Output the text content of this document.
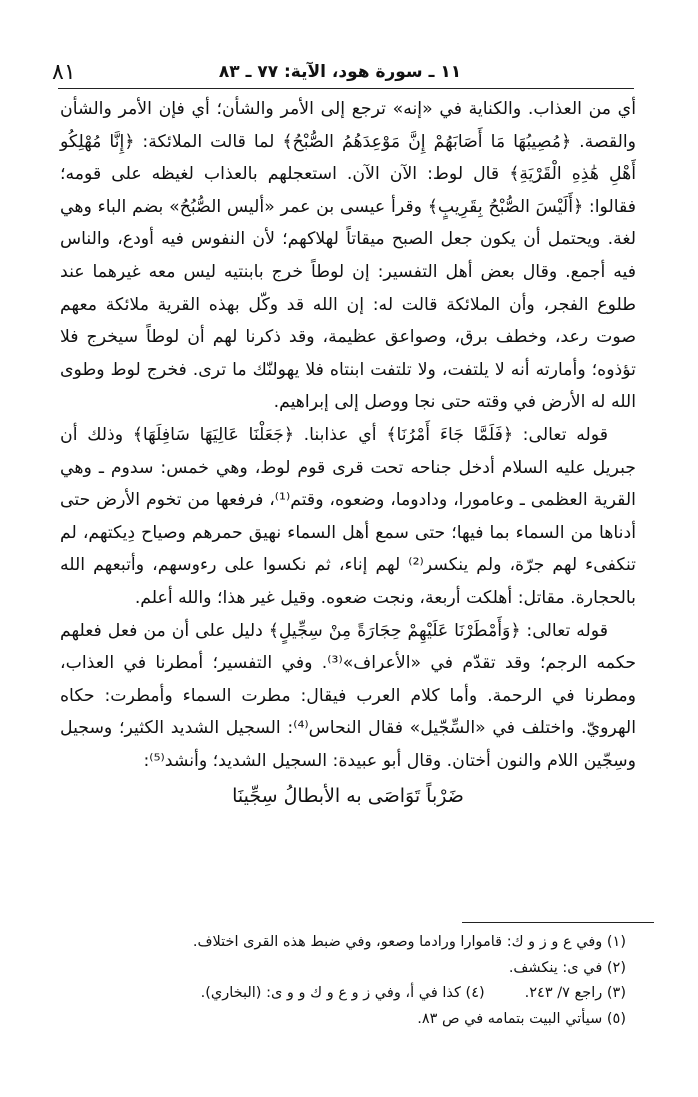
٨١	١١ ـ سورة هود، الآية: ٧٧ ـ ٨٣

أي من العذاب. والكناية في «إنه» ترجع إلى الأمر والشأن؛ أي فإن الأمر والشأن والقصة. ﴿مُصِيبُهَا مَا أَصَابَهُمْ إِنَّ مَوْعِدَهُمُ الصُّبْحُ﴾ لما قالت الملائكة: ﴿إِنَّا مُهْلِكُو أَهْلِ هَٰذِهِ الْقَرْيَةِ﴾ قال لوط: الآن الآن. استعجلهم بالعذاب لغيظه على قومه؛ فقالوا: ﴿أَلَيْسَ الصُّبْحُ بِقَرِيبٍ﴾ وقرأ عيسى بن عمر «أليس الصُّبُحُ» بضم الباء وهي لغة. ويحتمل أن يكون جعل الصبح ميقاتاً لهلاكهم؛ لأن النفوس فيه أودع، والناس فيه أجمع. وقال بعض أهل التفسير: إن لوطاً خرج بابنتيه ليس معه غيرهما عند طلوع الفجر، وأن الملائكة قالت له: إن الله قد وكّل بهذه القرية ملائكة معهم صوت رعد، وخطف برق، وصواعق عظيمة، وقد ذكرنا لهم أن لوطاً سيخرج فلا تؤذوه؛ وأمارته أنه لا يلتفت، ولا تلتفت ابنتاه فلا يهولنّك ما ترى. فخرج لوط وطوى الله له الأرض في وقته حتى نجا ووصل إلى إبراهيم.

قوله تعالى: ﴿فَلَمَّا جَاءَ أَمْرُنَا﴾ أي عذابنا. ﴿جَعَلْنَا عَالِيَهَا سَافِلَهَا﴾ وذلك أن جبريل عليه السلام أدخل جناحه تحت قرى قوم لوط، وهي خمس: سدوم ـ وهي القرية العظمى ـ وعامورا، ودادوما، وضعوه، وقتم⁽¹⁾، فرفعها من تخوم الأرض حتى أدناها من السماء بما فيها؛ حتى سمع أهل السماء نهيق حمرهم وصياح دِيكتهم، لم تنكفىء لهم جرّة، ولم ينكسر⁽²⁾ لهم إناء، ثم نكسوا على رءوسهم، وأتبعهم الله بالحجارة. مقاتل: أهلكت أربعة، ونجت ضعوه. وقيل غير هذا؛ والله أعلم.

قوله تعالى: ﴿وَأَمْطَرْنَا عَلَيْهِمْ حِجَارَةً مِنْ سِجِّيلٍ﴾ دليل على أن من فعل فعلهم حكمه الرجم؛ وقد تقدّم في «الأعراف»⁽³⁾. وفي التفسير؛ أمطرنا في العذاب، ومطرنا في الرحمة. وأما كلام العرب فيقال: مطرت السماء وأمطرت: حكاه الهرويّ. واختلف في «السِّجّيل» فقال النحاس⁽⁴⁾: السجيل الشديد الكثير؛ وسجيل وسِجّين اللام والنون أختان. وقال أبو عبيدة: السجيل الشديد؛ وأنشد⁽⁵⁾:

ضَرْباً تَوَاصَى به الأبطالُ سِجِّينَا
(١) وفي ع و ز و ك: قاموارا ورادما وصعو، وفي ضبط هذه القرى اختلاف.
(٢) في ى: ينكشف.
(٣) راجع ٧/ ٢٤٣.
(٤) كذا في أ، وفي ز و ع و ك و و ى: (البخاري).
(٥) سيأتي البيت بتمامه في ص ٨٣.
